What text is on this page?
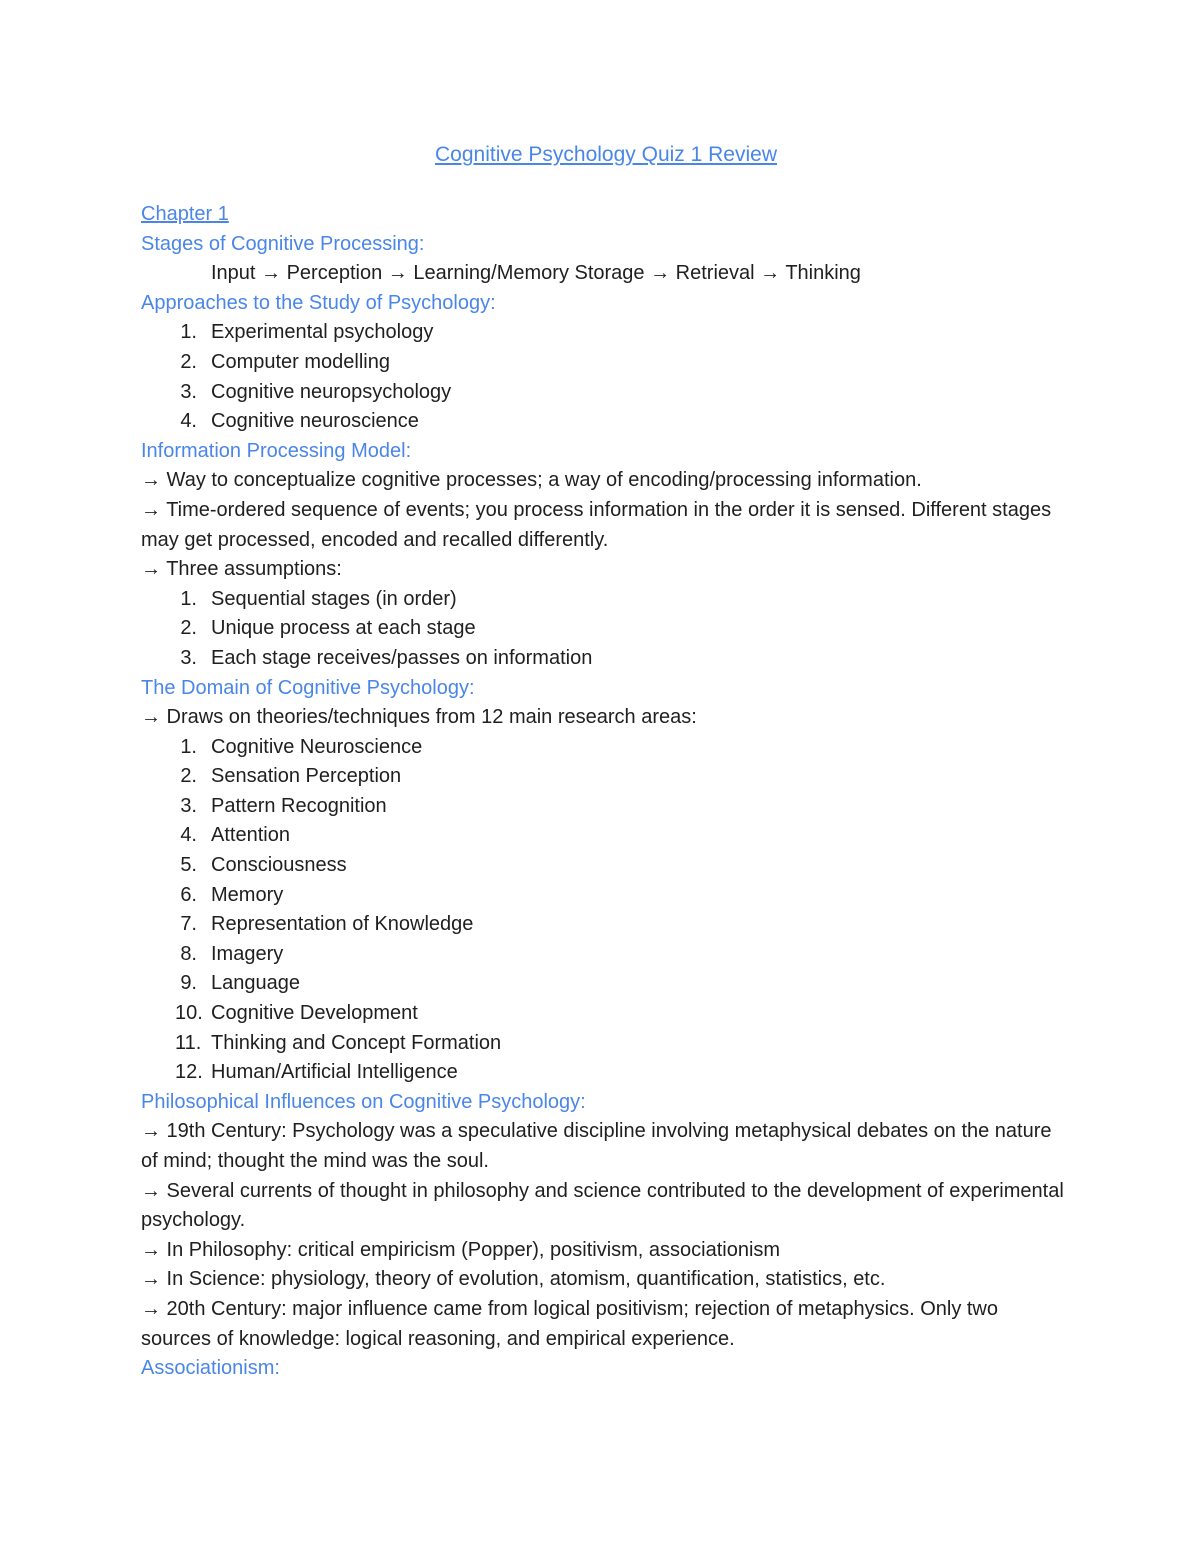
Cognitive Psychology Quiz 1 Review

Chapter 1

Stages of Cognitive Processing:

Input → Perception → Learning/Memory Storage → Retrieval → Thinking

Approaches to the Study of Psychology:

1. Experimental psychology
2. Computer modelling
3. Cognitive neuropsychology
4. Cognitive neuroscience

Information Processing Model:

→ Way to conceptualize cognitive processes; a way of encoding/processing information.

→ Time-ordered sequence of events; you process information in the order it is sensed. Different stages may get processed, encoded and recalled differently.

→ Three assumptions:

1. Sequential stages (in order)
2. Unique process at each stage
3. Each stage receives/passes on information

The Domain of Cognitive Psychology:

→ Draws on theories/techniques from 12 main research areas:

1. Cognitive Neuroscience
2. Sensation Perception
3. Pattern Recognition
4. Attention
5. Consciousness
6. Memory
7. Representation of Knowledge
8. Imagery
9. Language
10. Cognitive Development
11. Thinking and Concept Formation
12. Human/Artificial Intelligence

Philosophical Influences on Cognitive Psychology:

→ 19th Century: Psychology was a speculative discipline involving metaphysical debates on the nature of mind; thought the mind was the soul.

→ Several currents of thought in philosophy and science contributed to the development of experimental psychology.

→ In Philosophy: critical empiricism (Popper), positivism, associationism

→ In Science: physiology, theory of evolution, atomism, quantification, statistics, etc.

→ 20th Century: major influence came from logical positivism; rejection of metaphysics. Only two sources of knowledge: logical reasoning, and empirical experience.

Associationism:
